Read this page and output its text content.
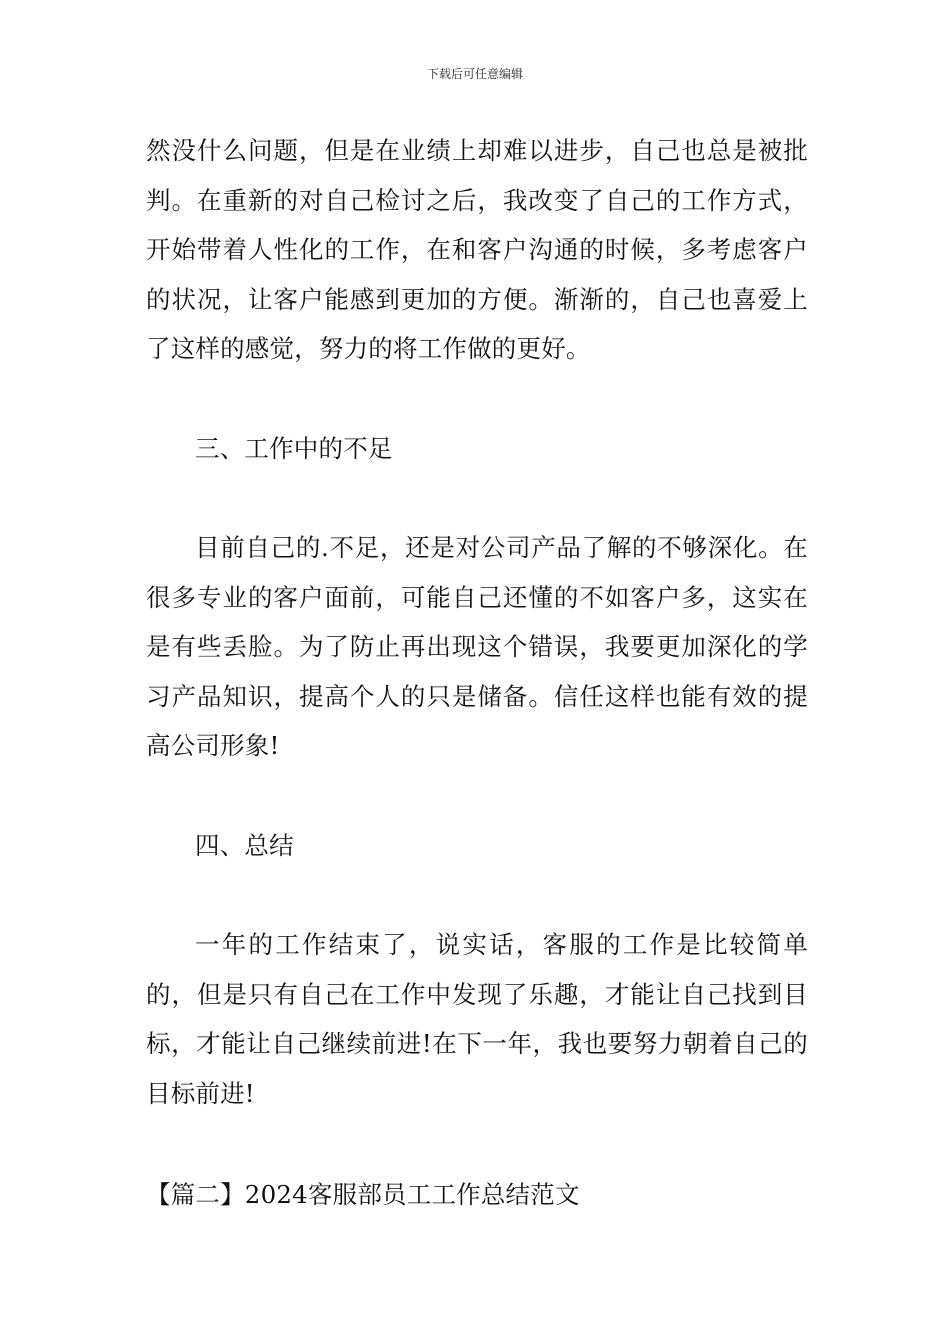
下载后可任意编辑

然没什么问题，但是在业绩上却难以进步，自己也总是被批判。在重新的对自己检讨之后，我改变了自己的工作方式，开始带着人性化的工作，在和客户沟通的时候，多考虑客户的状况，让客户能感到更加的方便。渐渐的，自己也喜爱上了这样的感觉，努力的将工作做的更好。

三、工作中的不足

目前自己的.不足，还是对公司产品了解的不够深化。在很多专业的客户面前，可能自己还懂的不如客户多，这实在是有些丢脸。为了防止再出现这个错误，我要更加深化的学习产品知识，提高个人的只是储备。信任这样也能有效的提高公司形象!

四、总结

一年的工作结束了，说实话，客服的工作是比较简单的，但是只有自己在工作中发现了乐趣，才能让自己找到目标，才能让自己继续前进!在下一年，我也要努力朝着自己的目标前进!

【篇二】2024客服部员工工作总结范文
